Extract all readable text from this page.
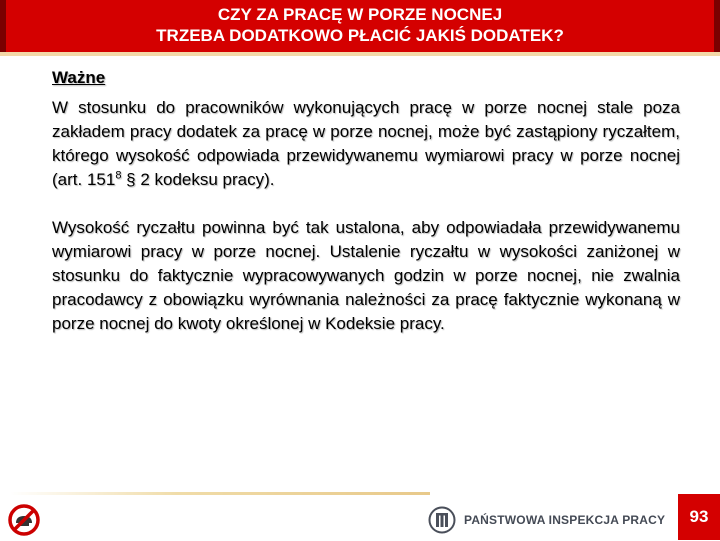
CZY ZA PRACĘ W PORZE NOCNEJ
TRZEBA DODATKOWO PŁACIĆ JAKIŚ DODATEK?
Ważne
W stosunku do pracowników wykonujących pracę w porze nocnej stale poza zakładem pracy dodatek za pracę w porze nocnej, może być zastąpiony ryczałtem, którego wysokość odpowiada przewidywanemu wymiarowi pracy w porze nocnej (art. $151^8$ § 2 kodeksu pracy).
Wysokość ryczałtu powinna być tak ustalona, aby odpowiadała przewidywanemu wymiarowi pracy w porze nocnej. Ustalenie ryczałtu w wysokości zaniżonej w stosunku do faktycznie wypracowywanych godzin w porze nocnej, nie zwalnia pracodawcy z obowiązku wyrównania należności za pracę faktycznie wykonaną w porze nocnej do kwoty określonej w Kodeksie pracy.
PAŃSTWOWA INSPEKCJA PRACY	93
